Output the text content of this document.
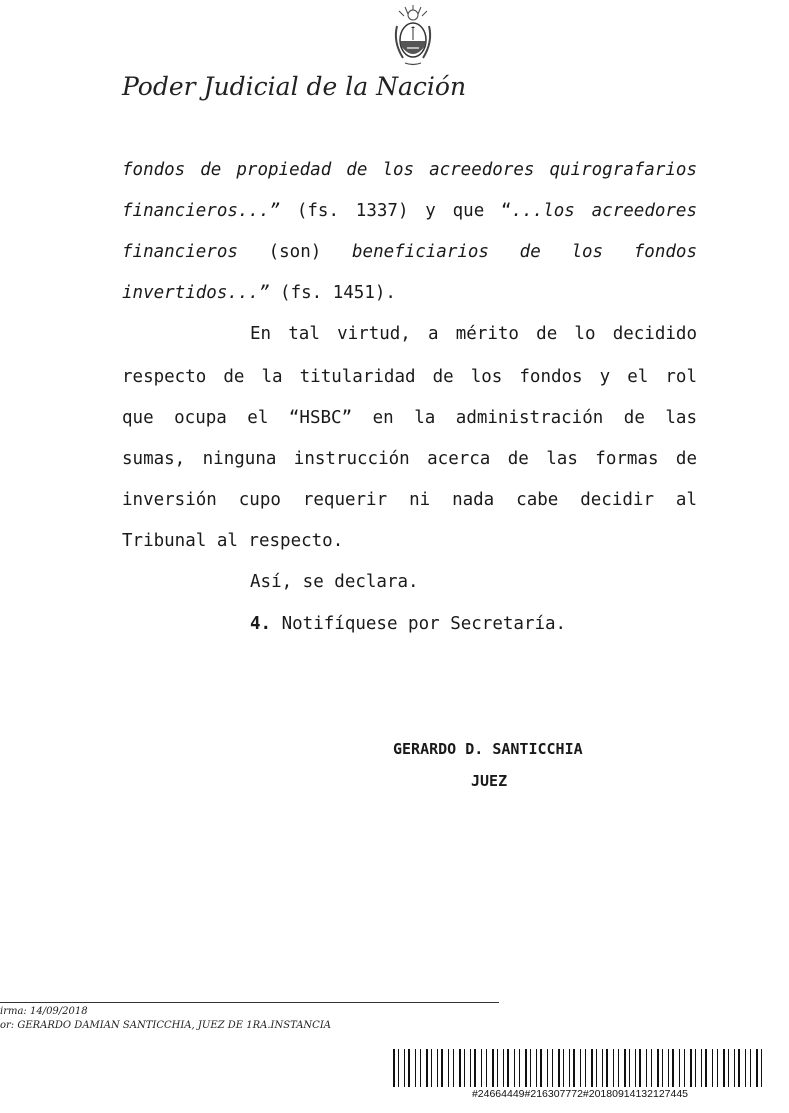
Poder Judicial de la Nación
fondos de propiedad de los acreedores quirografarios
financieros...” (fs. 1337) y que “...los acreedores
financieros (son) beneficiarios de los fondos
invertidos...” (fs. 1451).
En tal virtud, a mérito de lo decidido
respecto de la titularidad de los fondos y el rol
que ocupa el “HSBC” en la administración de las
sumas, ninguna instrucción acerca de las formas de
inversión cupo requerir ni nada cabe decidir al
Tribunal al respecto.
Así, se declara.
4. Notifíquese por Secretaría.
GERARDO D. SANTICCHIA
JUEZ
irma: 14/09/2018
or: GERARDO DAMIAN SANTICCHIA, JUEZ DE 1RA.INSTANCIA
#24664449#216307772#20180914132127445
